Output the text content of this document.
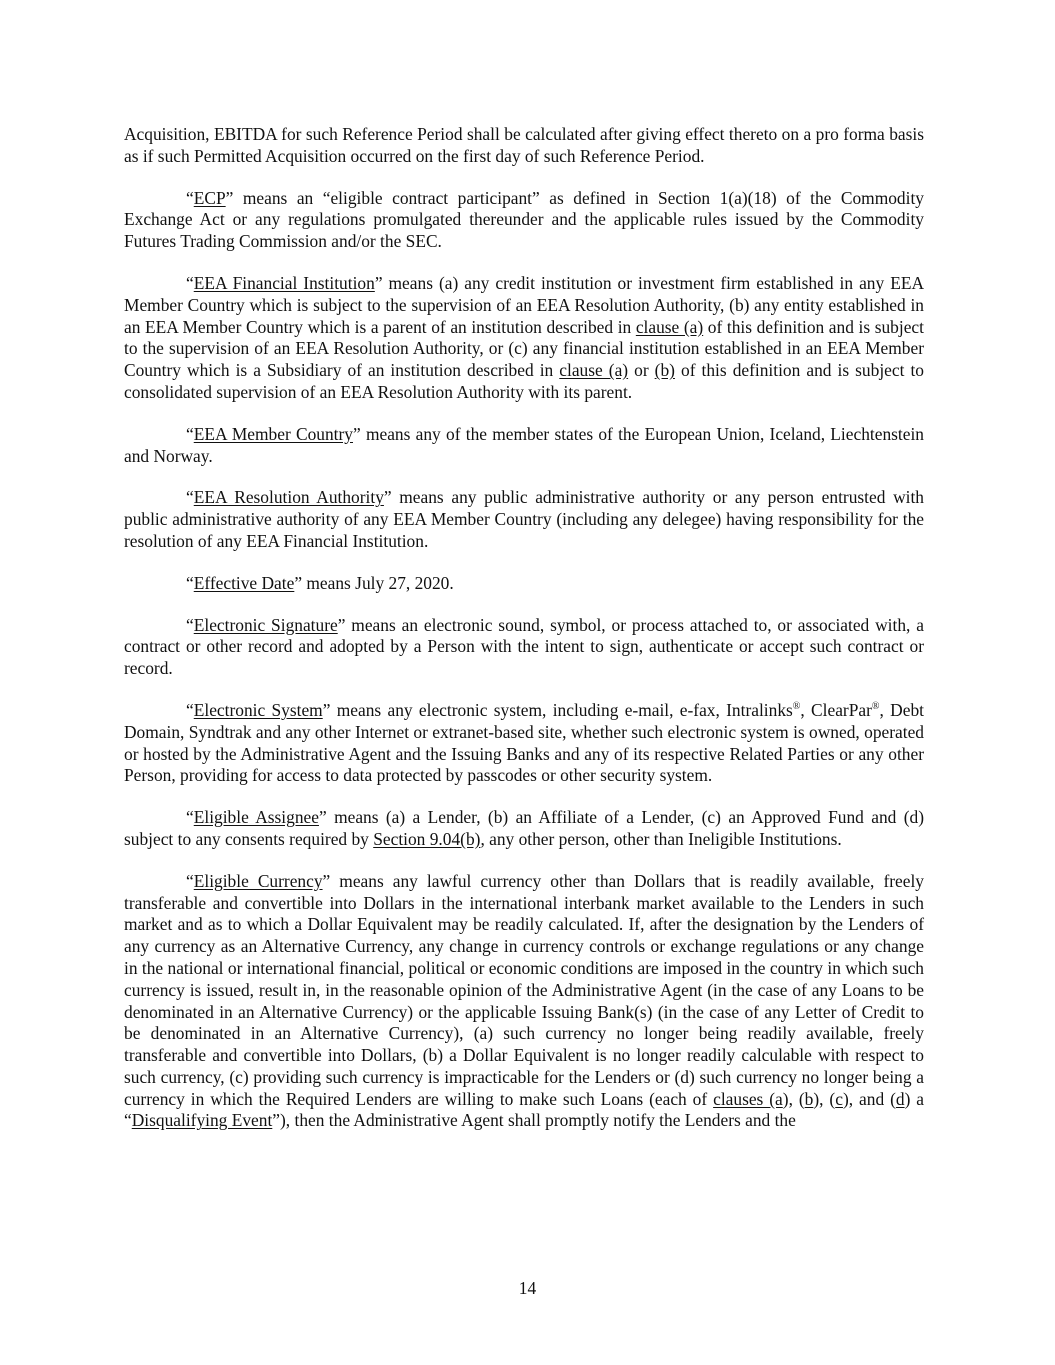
Acquisition, EBITDA for such Reference Period shall be calculated after giving effect thereto on a pro forma basis as if such Permitted Acquisition occurred on the first day of such Reference Period.

“ECP” means an “eligible contract participant” as defined in Section 1(a)(18) of the Commodity Exchange Act or any regulations promulgated thereunder and the applicable rules issued by the Commodity Futures Trading Commission and/or the SEC.

“EEA Financial Institution” means (a) any credit institution or investment firm established in any EEA Member Country which is subject to the supervision of an EEA Resolution Authority, (b) any entity established in an EEA Member Country which is a parent of an institution described in clause (a) of this definition and is subject to the supervision of an EEA Resolution Authority, or (c) any financial institution established in an EEA Member Country which is a Subsidiary of an institution described in clause (a) or (b) of this definition and is subject to consolidated supervision of an EEA Resolution Authority with its parent.

“EEA Member Country” means any of the member states of the European Union, Iceland, Liechtenstein and Norway.

“EEA Resolution Authority” means any public administrative authority or any person entrusted with public administrative authority of any EEA Member Country (including any delegee) having responsibility for the resolution of any EEA Financial Institution.

“Effective Date” means July 27, 2020.

“Electronic Signature” means an electronic sound, symbol, or process attached to, or associated with, a contract or other record and adopted by a Person with the intent to sign, authenticate or accept such contract or record.

“Electronic System” means any electronic system, including e-mail, e-fax, Intralinks®, ClearPar®, Debt Domain, Syndtrak and any other Internet or extranet-based site, whether such electronic system is owned, operated or hosted by the Administrative Agent and the Issuing Banks and any of its respective Related Parties or any other Person, providing for access to data protected by passcodes or other security system.

“Eligible Assignee” means (a) a Lender, (b) an Affiliate of a Lender, (c) an Approved Fund and (d) subject to any consents required by Section 9.04(b), any other person, other than Ineligible Institutions.

“Eligible Currency” means any lawful currency other than Dollars that is readily available, freely transferable and convertible into Dollars in the international interbank market available to the Lenders in such market and as to which a Dollar Equivalent may be readily calculated. If, after the designation by the Lenders of any currency as an Alternative Currency, any change in currency controls or exchange regulations or any change in the national or international financial, political or economic conditions are imposed in the country in which such currency is issued, result in, in the reasonable opinion of the Administrative Agent (in the case of any Loans to be denominated in an Alternative Currency) or the applicable Issuing Bank(s) (in the case of any Letter of Credit to be denominated in an Alternative Currency), (a) such currency no longer being readily available, freely transferable and convertible into Dollars, (b) a Dollar Equivalent is no longer readily calculable with respect to such currency, (c) providing such currency is impracticable for the Lenders or (d) such currency no longer being a currency in which the Required Lenders are willing to make such Loans (each of clauses (a), (b), (c), and (d) a “Disqualifying Event”), then the Administrative Agent shall promptly notify the Lenders and the

14
